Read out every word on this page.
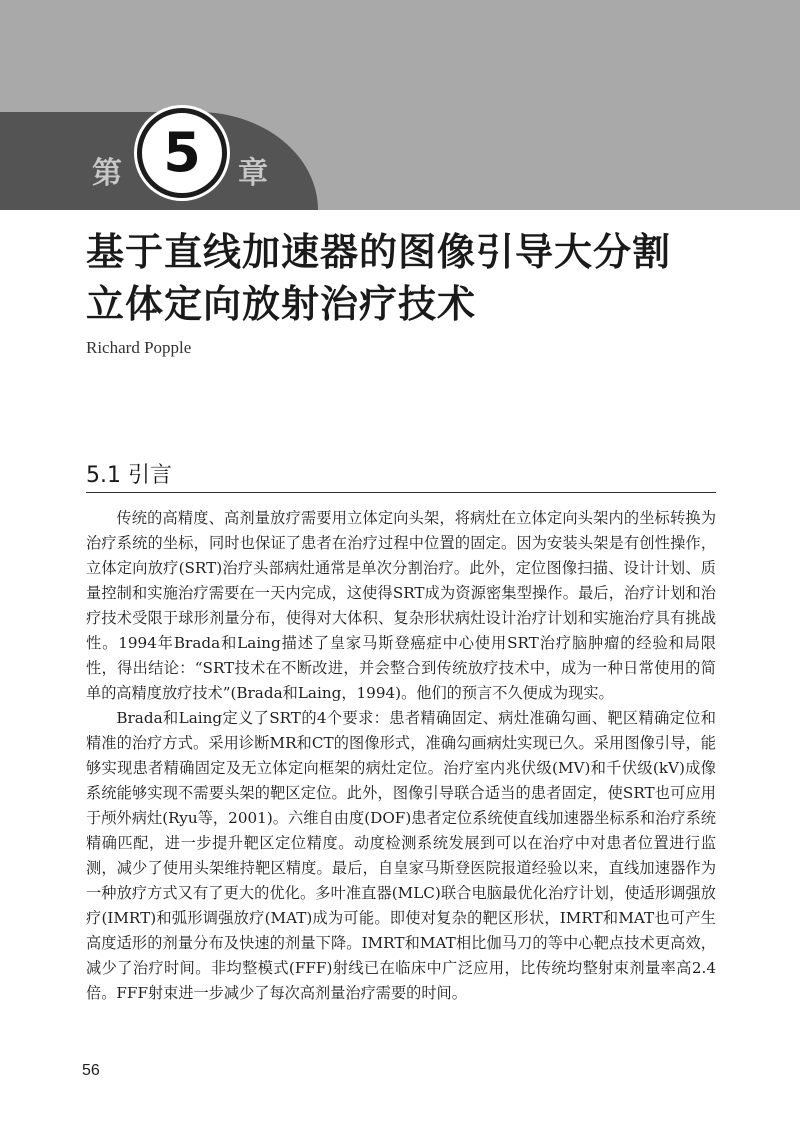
第 5	章
基于直线加速器的图像引导大分割
立体定向放射治疗技术
Richard Popple
5.1 引言

传统的高精度、高剂量放疗需要用立体定向头架，将病灶在立体定向头架内的坐标转换为治疗系统的坐标，同时也保证了患者在治疗过程中位置的固定。因为安装头架是有创性操作，立体定向放疗(SRT)治疗头部病灶通常是单次分割治疗。此外，定位图像扫描、设计计划、质量控制和实施治疗需要在一天内完成，这使得SRT成为资源密集型操作。最后，治疗计划和治疗技术受限于球形剂量分布，使得对大体积、复杂形状病灶设计治疗计划和实施治疗具有挑战性。1994年Brada和Laing描述了皇家马斯登癌症中心使用SRT治疗脑肿瘤的经验和局限性，得出结论：“SRT技术在不断改进，并会整合到传统放疗技术中，成为一种日常使用的简单的高精度放疗技术”(Brada和Laing，1994)。他们的预言不久便成为现实。

Brada和Laing定义了SRT的4个要求：患者精确固定、病灶准确勾画、靶区精确定位和精准的治疗方式。采用诊断MR和CT的图像形式，准确勾画病灶实现已久。采用图像引导，能够实现患者精确固定及无立体定向框架的病灶定位。治疗室内兆伏级(MV)和千伏级(kV)成像系统能够实现不需要头架的靶区定位。此外，图像引导联合适当的患者固定，使SRT也可应用于颅外病灶(Ryu等，2001)。六维自由度(DOF)患者定位系统使直线加速器坐标系和治疗系统精确匹配，进一步提升靶区定位精度。动度检测系统发展到可以在治疗中对患者位置进行监测，减少了使用头架维持靶区精度。最后，自皇家马斯登医院报道经验以来，直线加速器作为一种放疗方式又有了更大的优化。多叶准直器(MLC)联合电脑最优化治疗计划，使适形调强放疗(IMRT)和弧形调强放疗(MAT)成为可能。即使对复杂的靶区形状，IMRT和MAT也可产生高度适形的剂量分布及快速的剂量下降。IMRT和MAT相比伽马刀的等中心靶点技术更高效，减少了治疗时间。非均整模式(FFF)射线已在临床中广泛应用，比传统均整射束剂量率高2.4倍。FFF射束进一步减少了每次高剂量治疗需要的时间。

56
